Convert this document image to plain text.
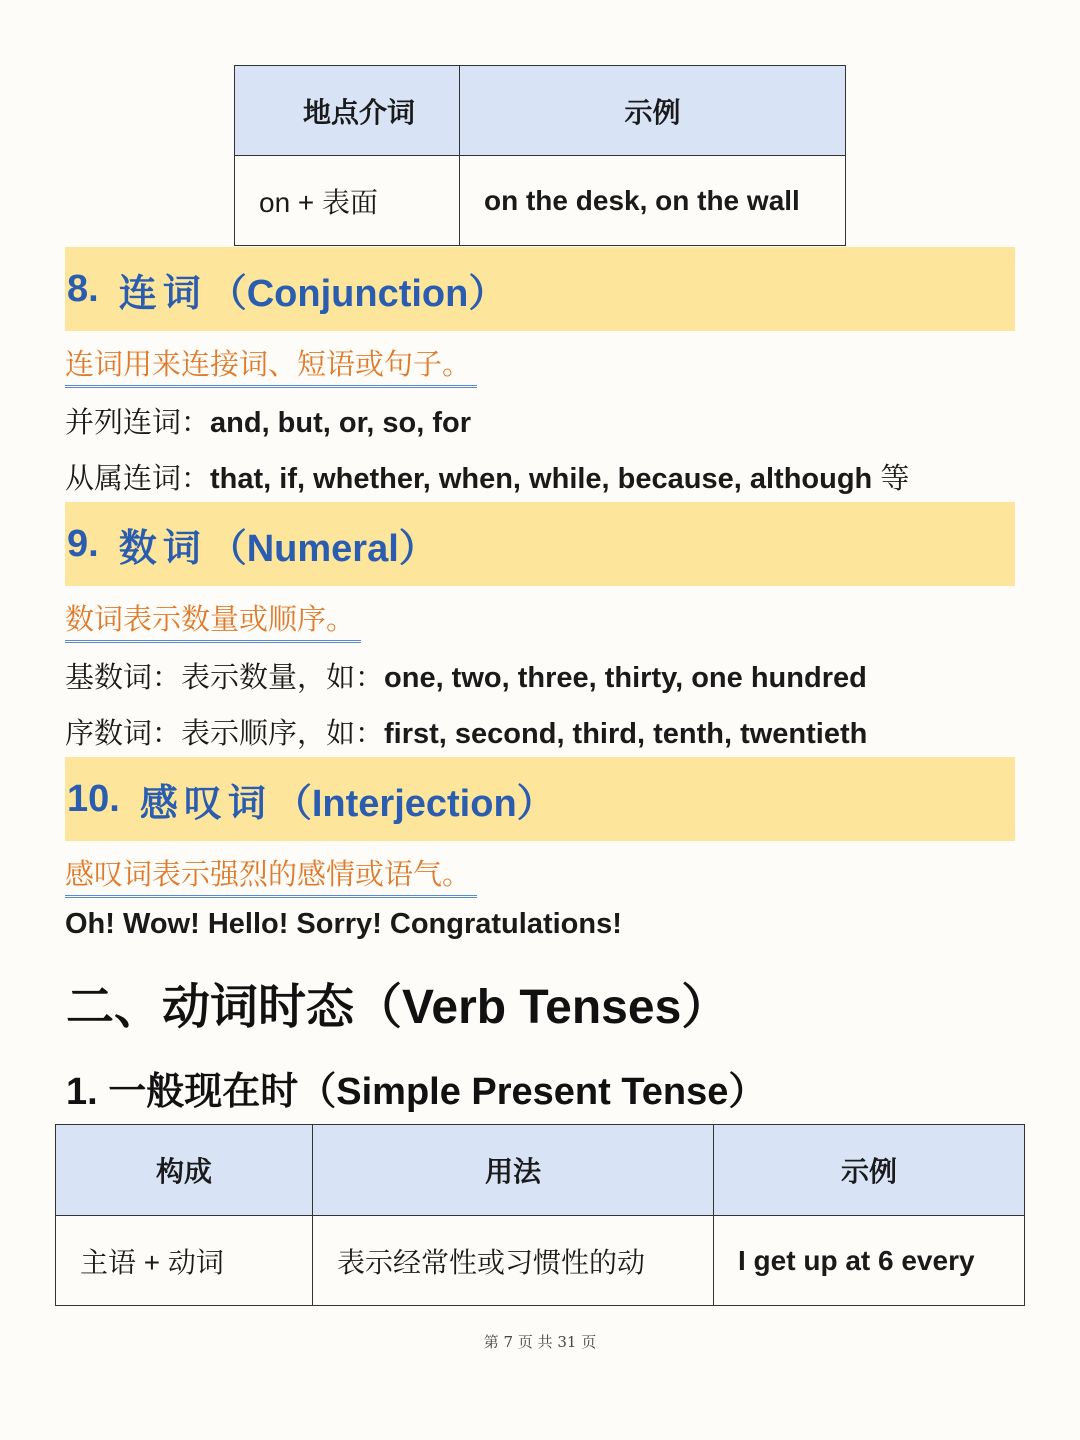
地点介词	示例
on + 表面	on the desk, on the wall
8. 连词 （Conjunction）
连词用来连接词、短语或句子。
并列连词：and, but, or, so, for
从属连词：that, if, whether, when, while, because, although 等
9. 数词 （Numeral）
数词表示数量或顺序。
基数词：表示数量，如：one, two, three, thirty, one hundred
序数词：表示顺序，如：first, second, third, tenth, twentieth
10. 感叹词 （Interjection）
感叹词表示强烈的感情或语气。
Oh! Wow! Hello! Sorry! Congratulations!
二、动词时态（Verb Tenses）
1. 一般现在时（Simple Present Tense）
构成	用法	示例
主语 + 动词	表示经常性或习惯性的动	I get up at 6 every
第 7 页 共 31 页
